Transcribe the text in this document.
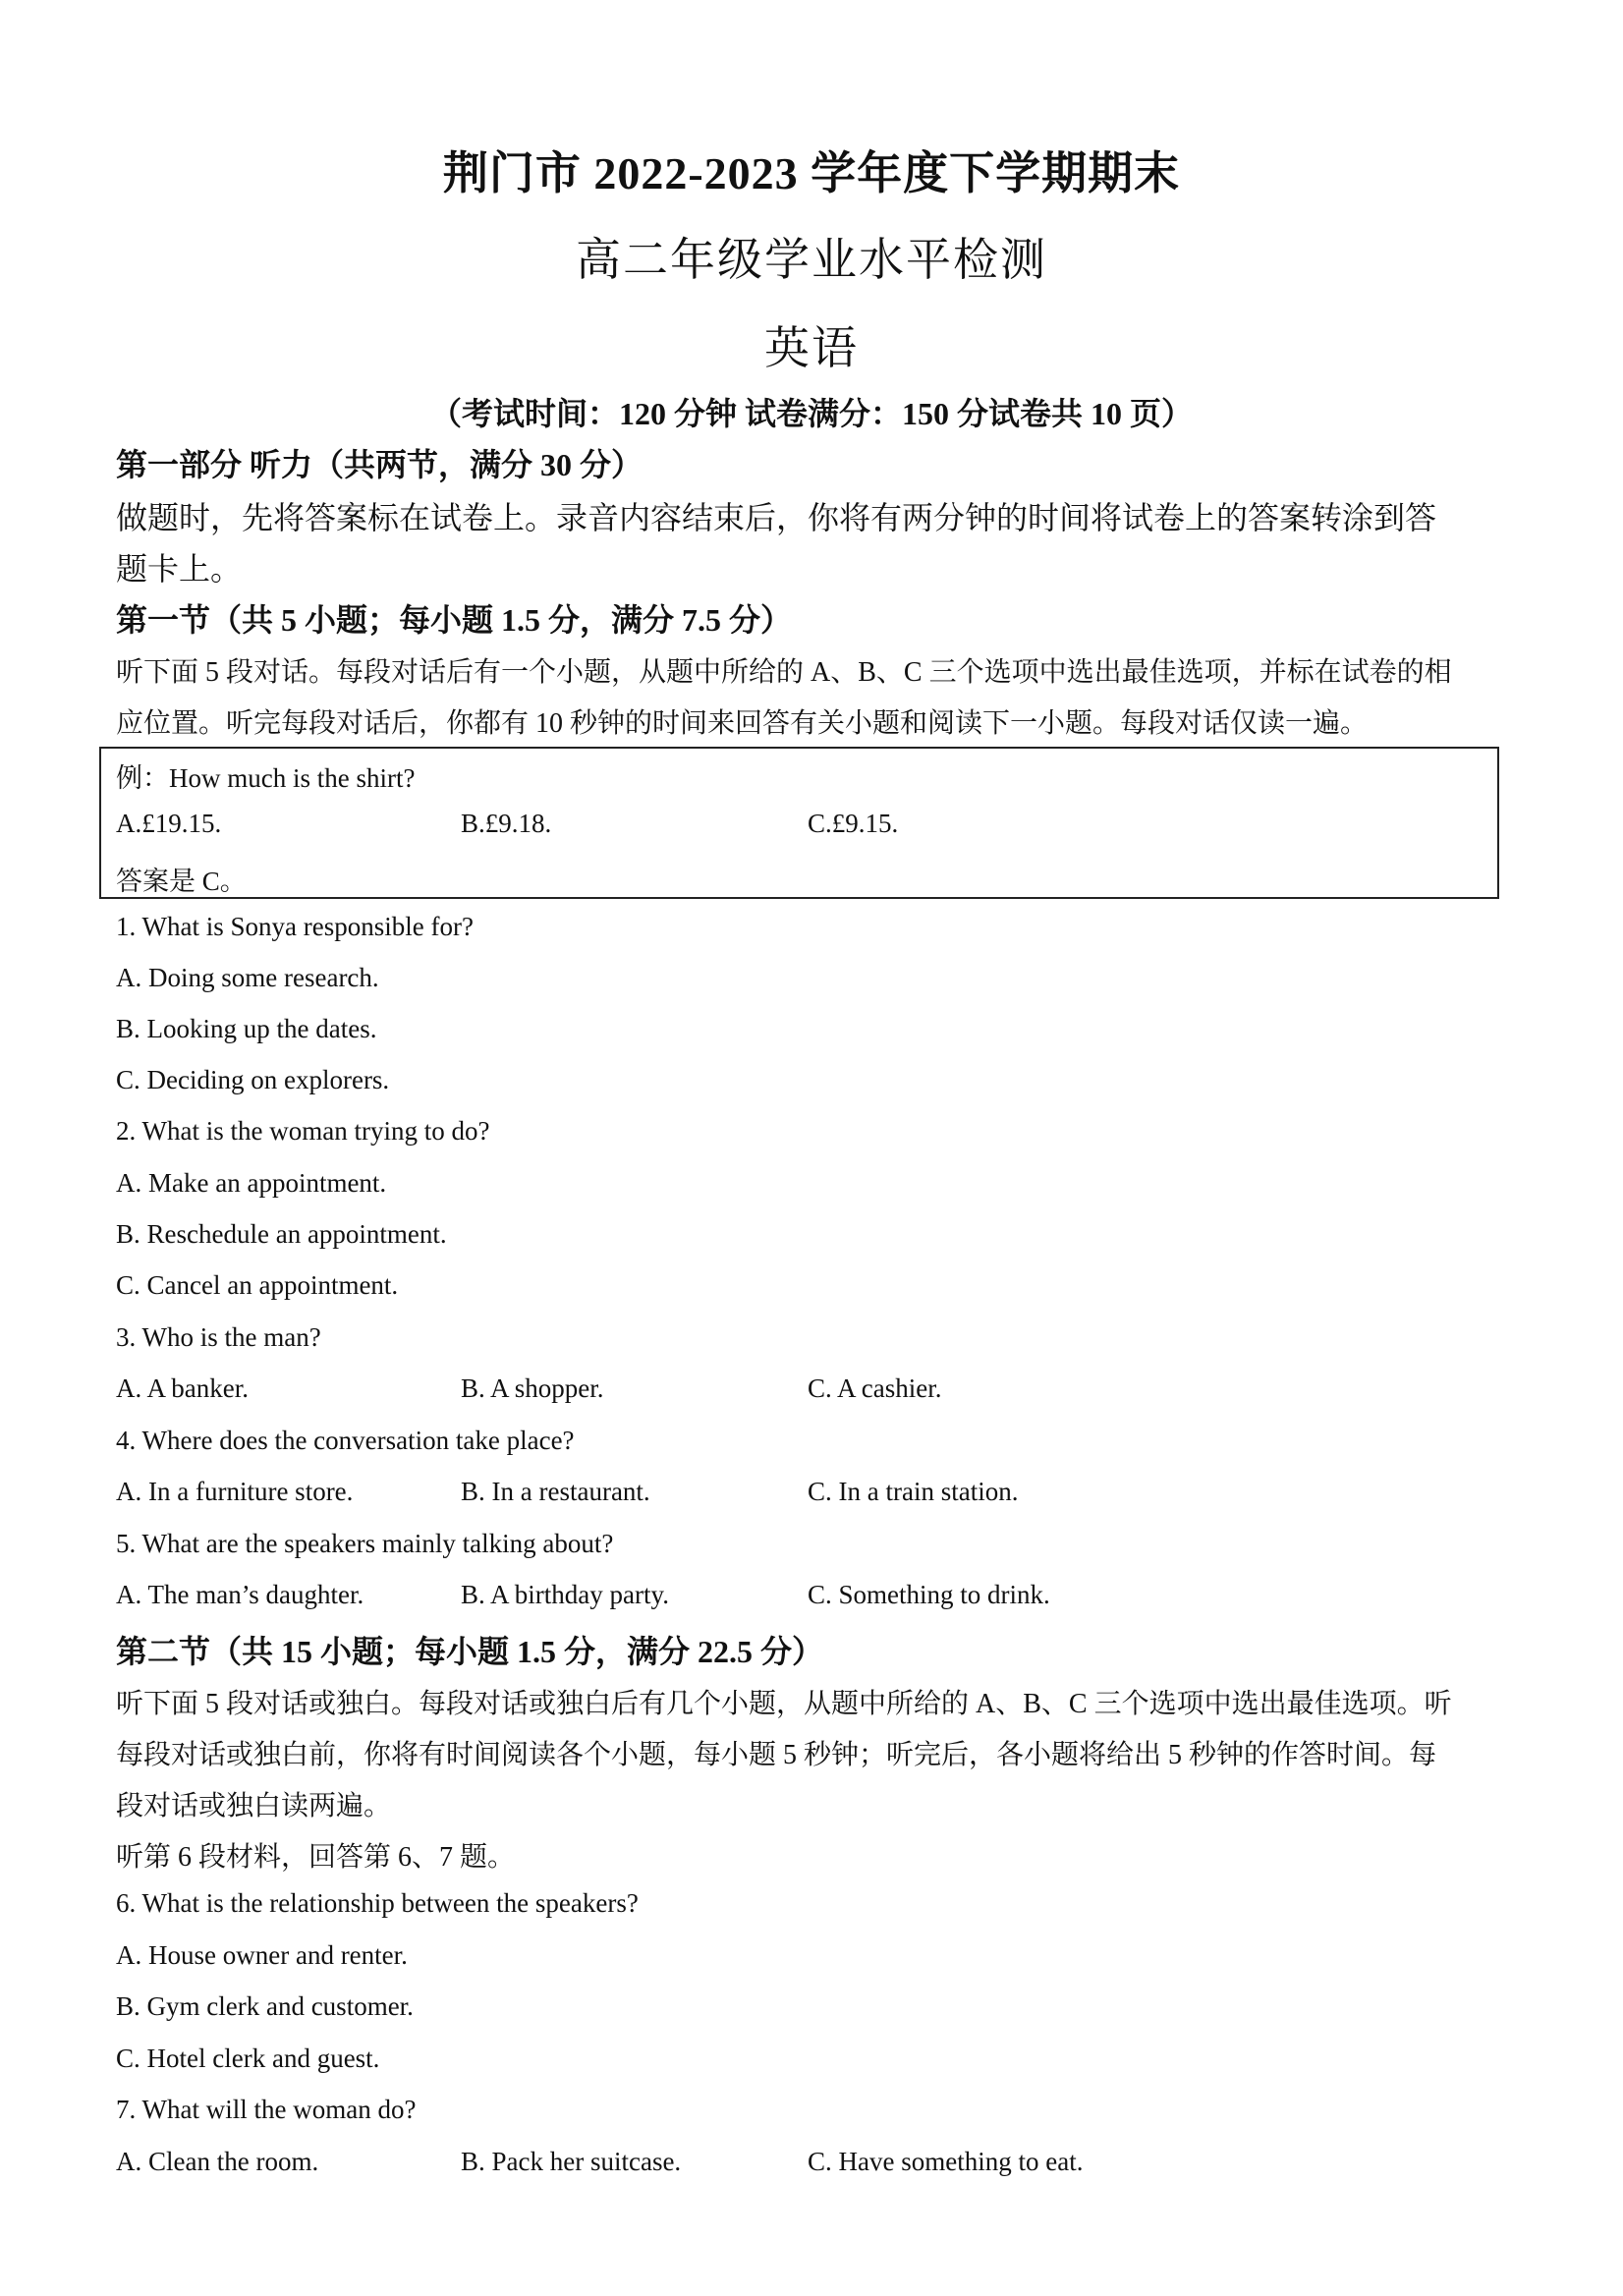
荆门市 2022-2023 学年度下学期期末
高二年级学业水平检测
英语
（考试时间：120 分钟 试卷满分：150 分试卷共 10 页）
第一部分 听力（共两节，满分 30 分）
做题时，先将答案标在试卷上。录音内容结束后，你将有两分钟的时间将试卷上的答案转涂到答
题卡上。
第一节（共 5 小题；每小题 1.5 分，满分 7.5 分）
听下面 5 段对话。每段对话后有一个小题，从题中所给的 A、B、C 三个选项中选出最佳选项，并标在试卷的相
应位置。听完每段对话后，你都有 10 秒钟的时间来回答有关小题和阅读下一小题。每段对话仅读一遍。
例：How much is the shirt?
A.£19.15.	B.£9.18.	C.£9.15.
答案是 C。
1. What is Sonya responsible for?
A. Doing some research.
B. Looking up the dates.
C. Deciding on explorers.
2. What is the woman trying to do?
A. Make an appointment.
B. Reschedule an appointment.
C. Cancel an appointment.
3. Who is the man?
A. A banker.	B. A shopper.	C. A cashier.
4. Where does the conversation take place?
A. In a furniture store.	B. In a restaurant.	C. In a train station.
5. What are the speakers mainly talking about?
A. The man’s daughter.	B. A birthday party.	C. Something to drink.
第二节（共 15 小题；每小题 1.5 分，满分 22.5 分）
听下面 5 段对话或独白。每段对话或独白后有几个小题，从题中所给的 A、B、C 三个选项中选出最佳选项。听
每段对话或独白前，你将有时间阅读各个小题，每小题 5 秒钟；听完后，各小题将给出 5 秒钟的作答时间。每
段对话或独白读两遍。
听第 6 段材料，回答第 6、7 题。
6. What is the relationship between the speakers?
A. House owner and renter.
B. Gym clerk and customer.
C. Hotel clerk and guest.
7. What will the woman do?
A. Clean the room.	B. Pack her suitcase.	C. Have something to eat.
